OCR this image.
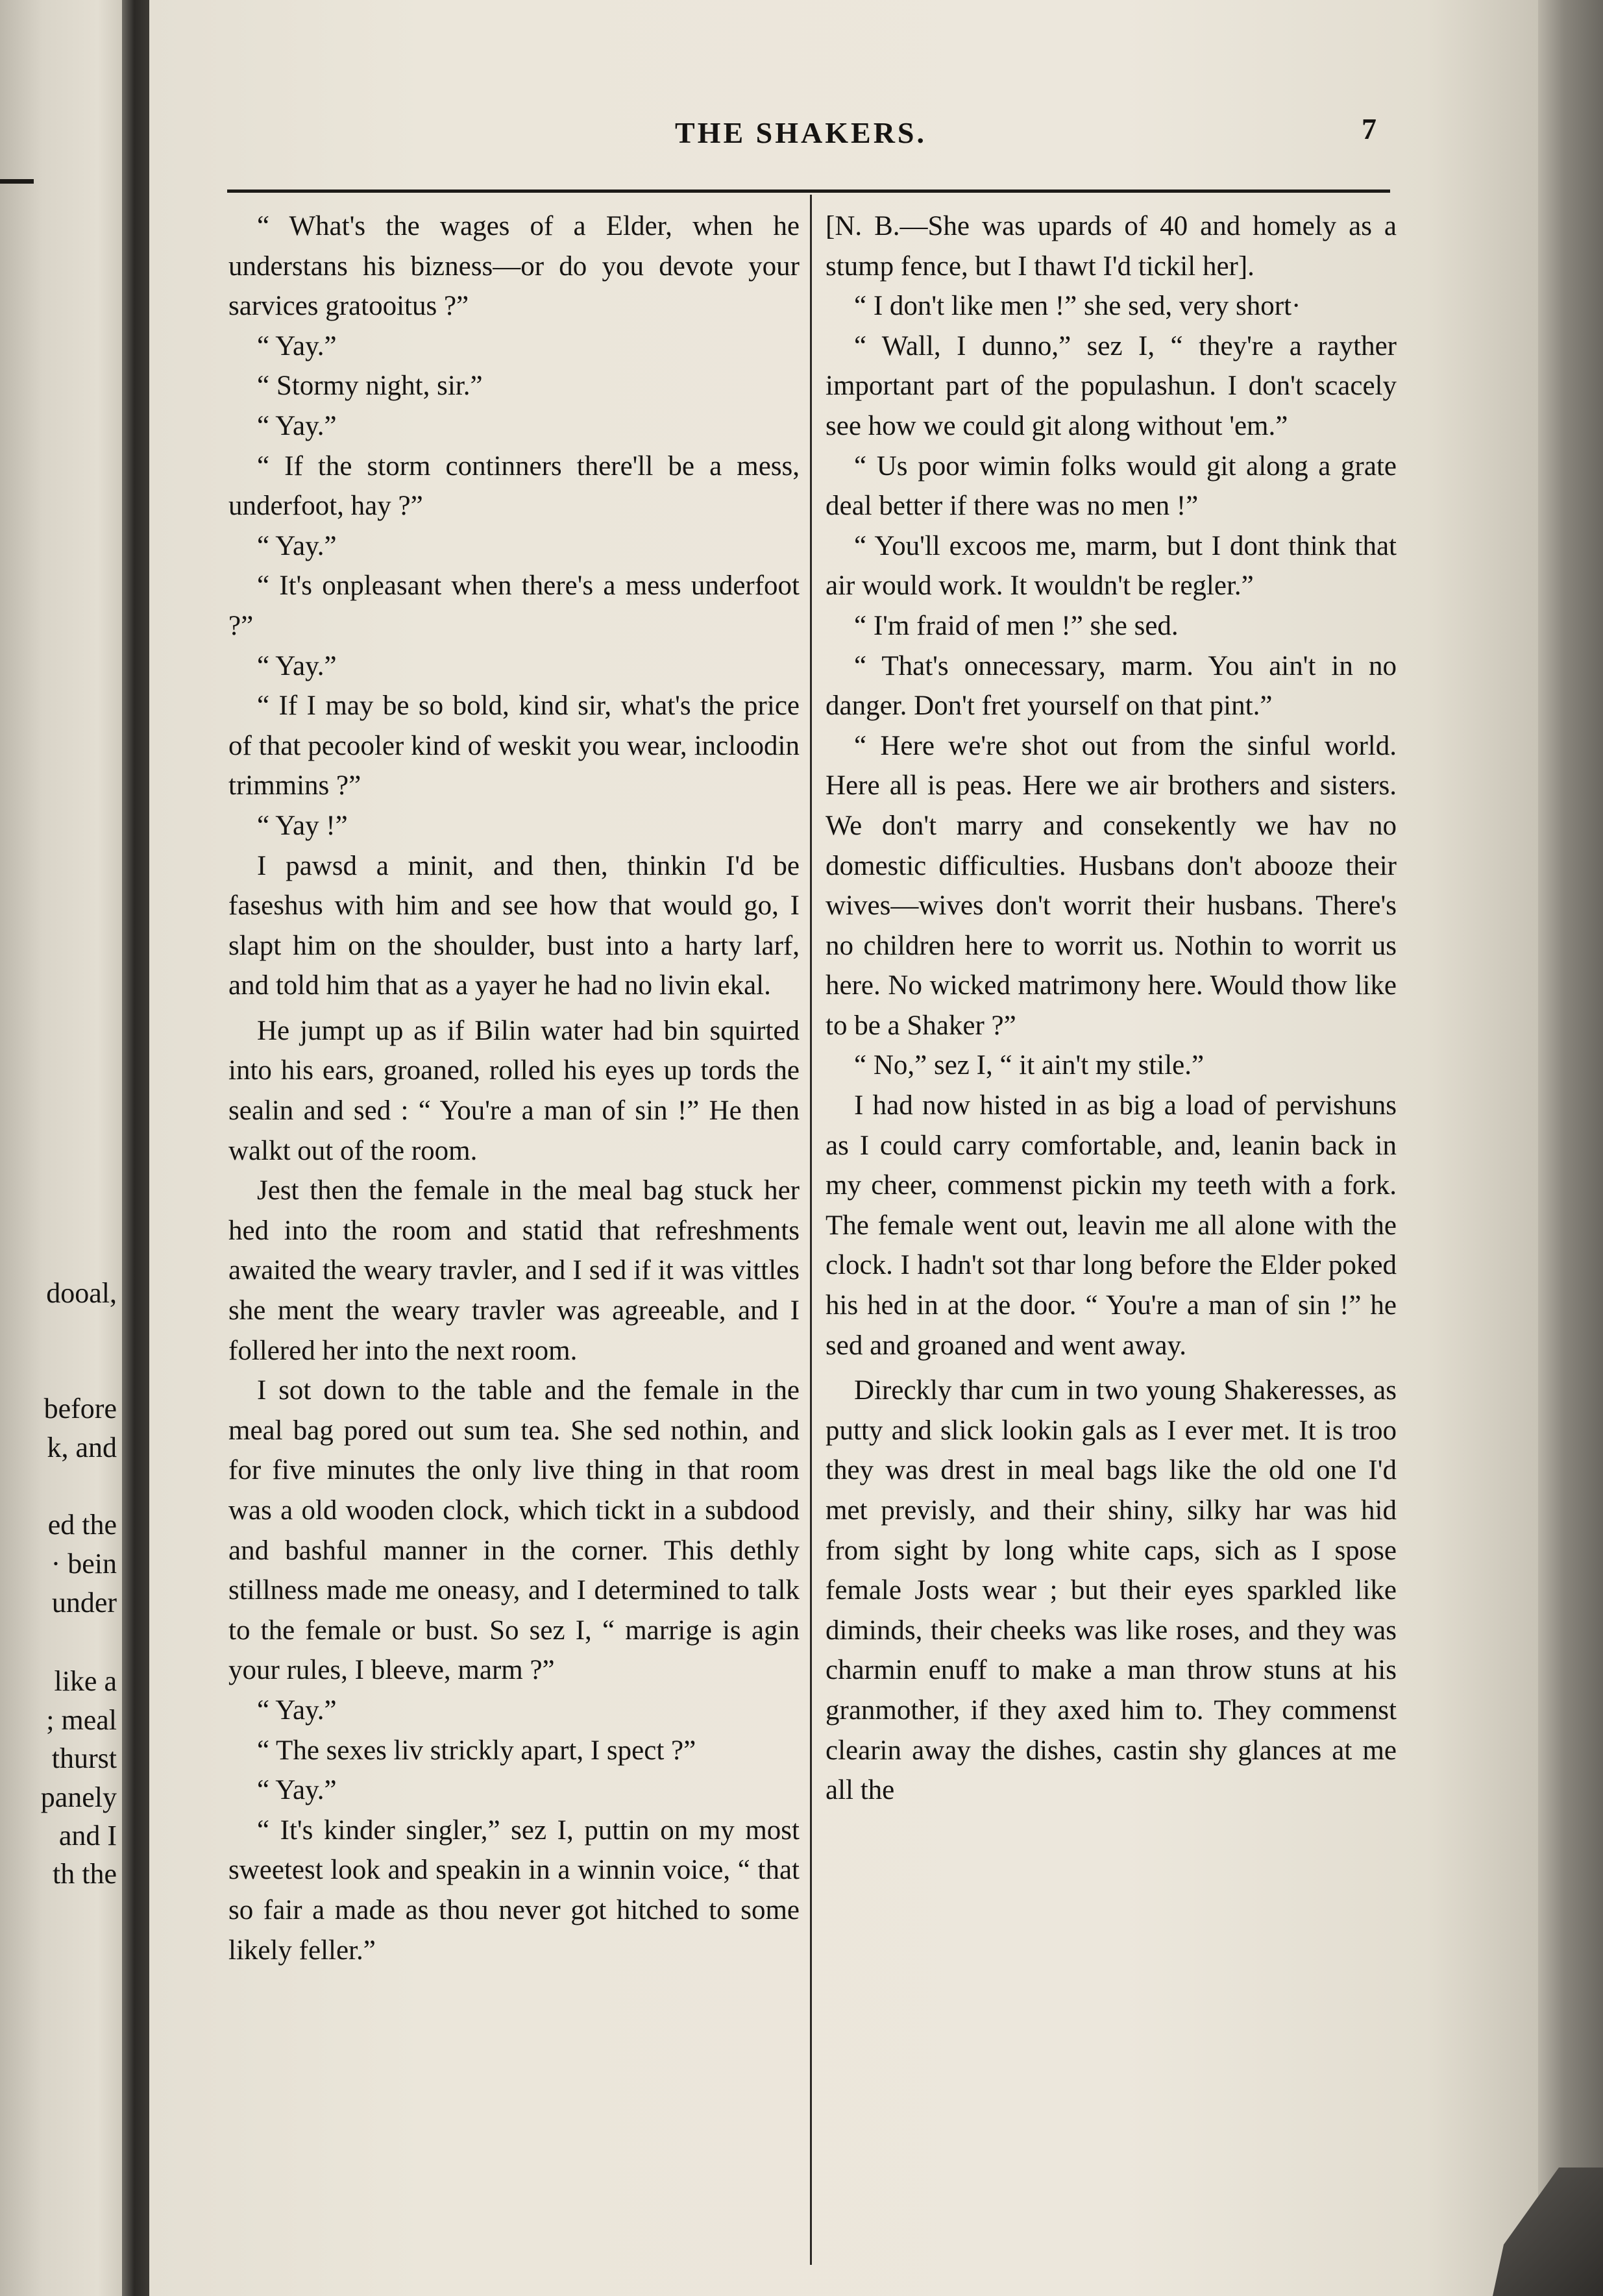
dooal,
before
k, and
ed the
· bein
under
like a
; meal
thurst
panely
and I
th the
THE SHAKERS.	7

“ What's the wages of a Elder, when he understans his bizness—or do you devote your sarvices gratooitus ?”

“ Yay.”

“ Stormy night, sir.”

“ Yay.”

“ If the storm continners there'll be a mess, underfoot, hay ?”

“ Yay.”

“ It's onpleasant when there's a mess underfoot ?”

“ Yay.”

“ If I may be so bold, kind sir, what's the price of that pecooler kind of weskit you wear, incloodin trimmins ?”

“ Yay !”

I pawsd a minit, and then, thinkin I'd be faseshus with him and see how that would go, I slapt him on the shoulder, bust into a harty larf, and told him that as a yayer he had no livin ekal.

He jumpt up as if Bilin water had bin squirted into his ears, groaned, rolled his eyes up tords the sealin and sed : “ You're a man of sin !” He then walkt out of the room.

Jest then the female in the meal bag stuck her hed into the room and statid that refreshments awaited the weary travler, and I sed if it was vittles she ment the weary travler was agreeable, and I follered her into the next room.

I sot down to the table and the female in the meal bag pored out sum tea. She sed nothin, and for five minutes the only live thing in that room was a old wooden clock, which tickt in a subdood and bashful manner in the corner. This dethly stillness made me oneasy, and I determined to talk to the female or bust. So sez I, “ marrige is agin your rules, I bleeve, marm ?”

“ Yay.”

“ The sexes liv strickly apart, I spect ?”

“ Yay.”

“ It's kinder singler,” sez I, puttin on my most sweetest look and speakin in a winnin voice, “ that so fair a made as thou never got hitched to some likely feller.”

[N. B.—She was upards of 40 and homely as a stump fence, but I thawt I'd tickil her].

“ I don't like men !” she sed, very short·

“ Wall, I dunno,” sez I, “ they're a rayther important part of the populashun. I don't scacely see how we could git along without 'em.”

“ Us poor wimin folks would git along a grate deal better if there was no men !”

“ You'll excoos me, marm, but I dont think that air would work. It wouldn't be regler.”

“ I'm fraid of men !” she sed.

“ That's onnecessary, marm. You ain't in no danger. Don't fret yourself on that pint.”

“ Here we're shot out from the sinful world. Here all is peas. Here we air brothers and sisters. We don't marry and consekently we hav no domestic difficulties. Husbans don't abooze their wives—wives don't worrit their husbans. There's no children here to worrit us. Nothin to worrit us here. No wicked matrimony here. Would thow like to be a Shaker ?”

“ No,” sez I, “ it ain't my stile.”

I had now histed in as big a load of pervishuns as I could carry comfortable, and, leanin back in my cheer, commenst pickin my teeth with a fork. The female went out, leavin me all alone with the clock. I hadn't sot thar long before the Elder poked his hed in at the door. “ You're a man of sin !” he sed and groaned and went away.

Direckly thar cum in two young Shakeresses, as putty and slick lookin gals as I ever met. It is troo they was drest in meal bags like the old one I'd met previsly, and their shiny, silky har was hid from sight by long white caps, sich as I spose female Josts wear ; but their eyes sparkled like diminds, their cheeks was like roses, and they was charmin enuff to make a man throw stuns at his granmother, if they axed him to. They commenst clearin away the dishes, castin shy glances at me all the
